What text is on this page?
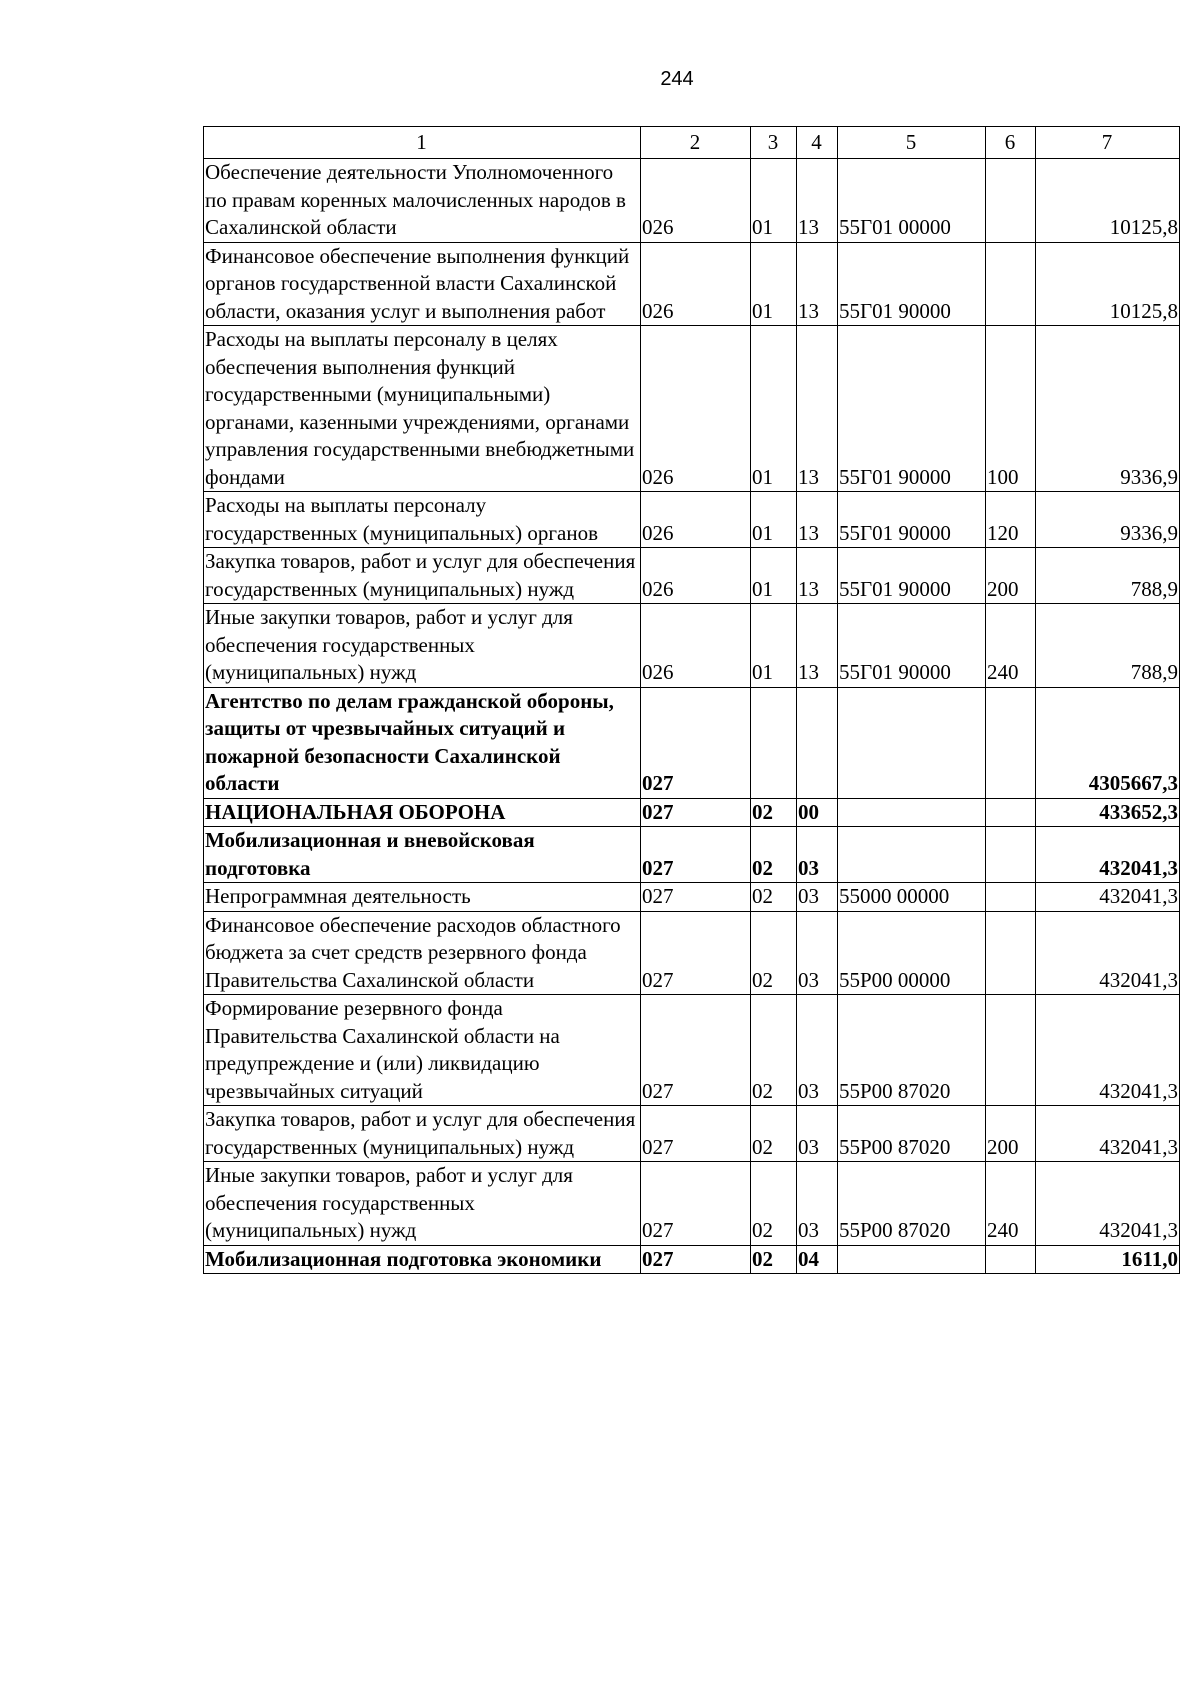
244
1	2	3	4	5	6	7
Обеспечение деятельности Уполномоченного по правам коренных малочисленных народов в Сахалинской области	026	01	13	55Г01 00000		10125,8
Финансовое обеспечение выполнения функций органов государственной власти Сахалинской области, оказания услуг и выполнения работ	026	01	13	55Г01 90000		10125,8
Расходы на выплаты персоналу в целях обеспечения выполнения функций государственными (муниципальными) органами, казенными учреждениями, органами управления государственными внебюджетными фондами	026	01	13	55Г01 90000	100	9336,9
Расходы на выплаты персоналу государственных (муниципальных) органов	026	01	13	55Г01 90000	120	9336,9
Закупка товаров, работ и услуг для обеспечения государственных (муниципальных) нужд	026	01	13	55Г01 90000	200	788,9
Иные закупки товаров, работ и услуг для обеспечения государственных (муниципальных) нужд	026	01	13	55Г01 90000	240	788,9
Агентство по делам гражданской обороны, защиты от чрезвычайных ситуаций и пожарной безопасности Сахалинской области	027					4305667,3
НАЦИОНАЛЬНАЯ ОБОРОНА	027	02	00			433652,3
Мобилизационная и вневойсковая подготовка	027	02	03			432041,3
Непрограммная деятельность	027	02	03	55000 00000		432041,3
Финансовое обеспечение расходов областного бюджета за счет средств резервного фонда Правительства Сахалинской области	027	02	03	55Р00 00000		432041,3
Формирование резервного фонда Правительства Сахалинской области на предупреждение и (или) ликвидацию чрезвычайных ситуаций	027	02	03	55Р00 87020		432041,3
Закупка товаров, работ и услуг для обеспечения государственных (муниципальных) нужд	027	02	03	55Р00 87020	200	432041,3
Иные закупки товаров, работ и услуг для обеспечения государственных (муниципальных) нужд	027	02	03	55Р00 87020	240	432041,3
Мобилизационная подготовка экономики	027	02	04			1611,0
